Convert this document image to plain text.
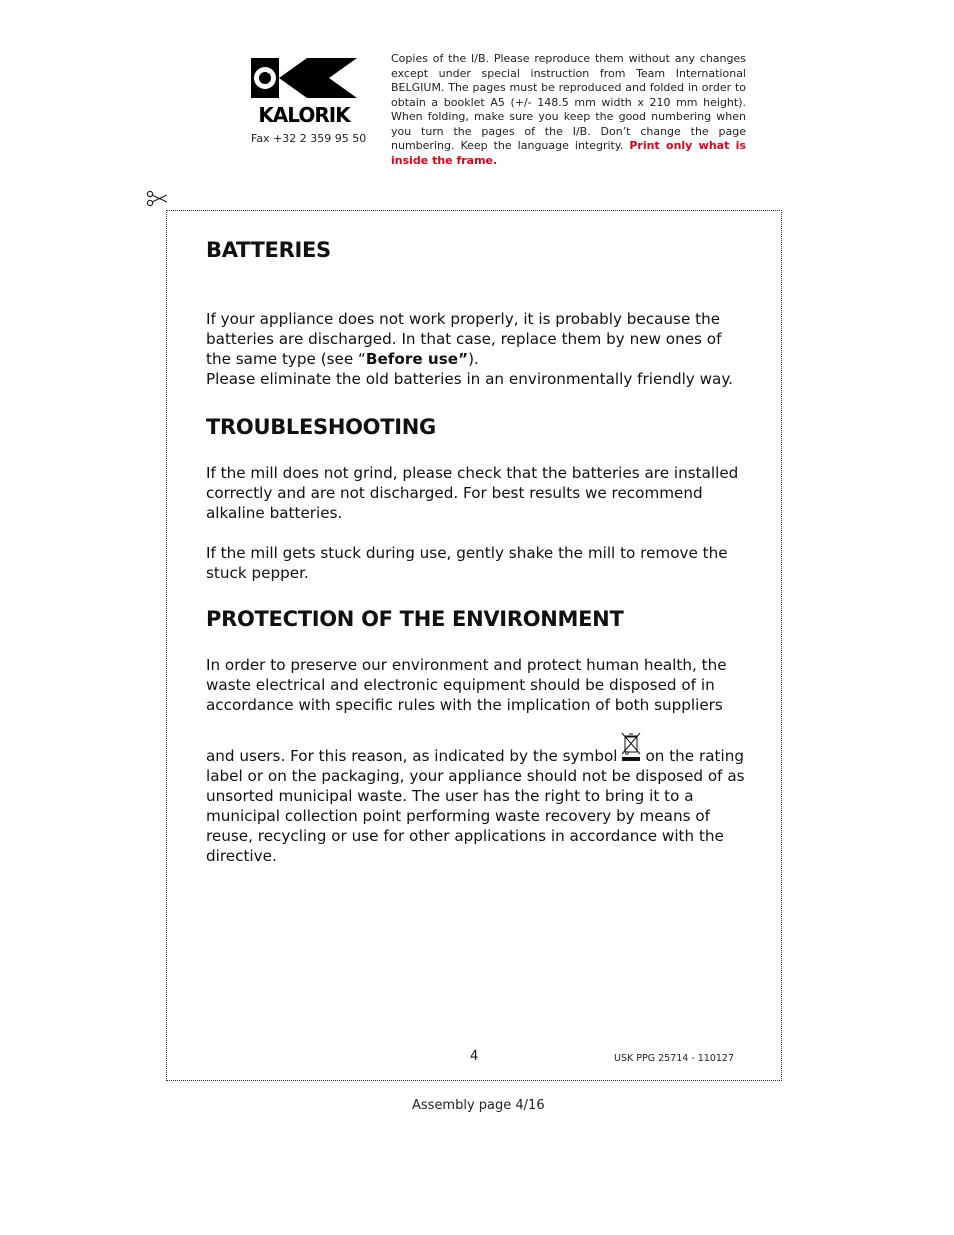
KALORIK
Fax +32 2 359 95 50
Copies of the I/B. Please reproduce them without any changes except under special instruction from Team International BELGIUM. The pages must be reproduced and folded in order to obtain a booklet A5 (+/- 148.5 mm width x 210 mm height). When folding, make sure you keep the good numbering when you turn the pages of the I/B. Don’t change the page numbering. Keep the language integrity. Print only what is inside the frame.
BATTERIES

If your appliance does not work properly, it is probably because the batteries are discharged. In that case, replace them by new ones of the same type (see “Before use”).

Please eliminate the old batteries in an environmentally friendly way.

TROUBLESHOOTING

If the mill does not grind, please check that the batteries are installed correctly and are not discharged. For best results we recommend alkaline batteries.

If the mill gets stuck during use, gently shake the mill to remove the stuck pepper.

PROTECTION OF THE ENVIRONMENT

In order to preserve our environment and protect human health, the waste electrical and electronic equipment should be disposed of in accordance with specific rules with the implication of both suppliers

and users. For this reason, as indicated by the symbol on the rating label or on the packaging, your appliance should not be disposed of as unsorted municipal waste. The user has the right to bring it to a municipal collection point performing waste recovery by means of reuse, recycling or use for other applications in accordance with the directive.

4	USK PPG 25714 - 110127
Assembly page 4/16
